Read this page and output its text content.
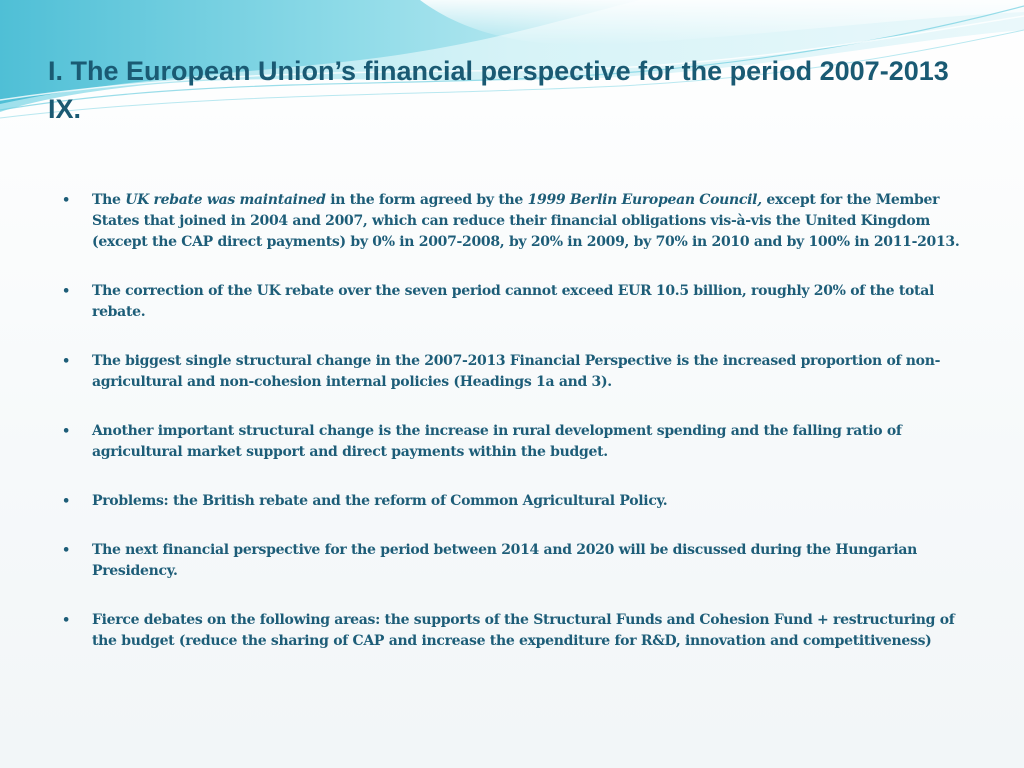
I. The European Union’s financial perspective for the period 2007-2013 IX.

• The UK rebate was maintained in the form agreed by the 1999 Berlin European Council, except for the Member States that joined in 2004 and 2007, which can reduce their financial obligations vis-à-vis the United Kingdom (except the CAP direct payments) by 0% in 2007-2008, by 20% in 2009, by 70% in 2010 and by 100% in 2011-2013.

• The correction of the UK rebate over the seven period cannot exceed EUR 10.5 billion, roughly 20% of the total rebate.

• The biggest single structural change in the 2007-2013 Financial Perspective is the increased proportion of non-agricultural and non-cohesion internal policies (Headings 1a and 3).

• Another important structural change is the increase in rural development spending and the falling ratio of agricultural market support and direct payments within the budget.

• Problems: the British rebate and the reform of Common Agricultural Policy.

• The next financial perspective for the period between 2014 and 2020 will be discussed during the Hungarian Presidency.

• Fierce debates on the following areas: the supports of the Structural Funds and Cohesion Fund + restructuring of the budget (reduce the sharing of CAP and increase the expenditure for R&D, innovation and competitiveness)
